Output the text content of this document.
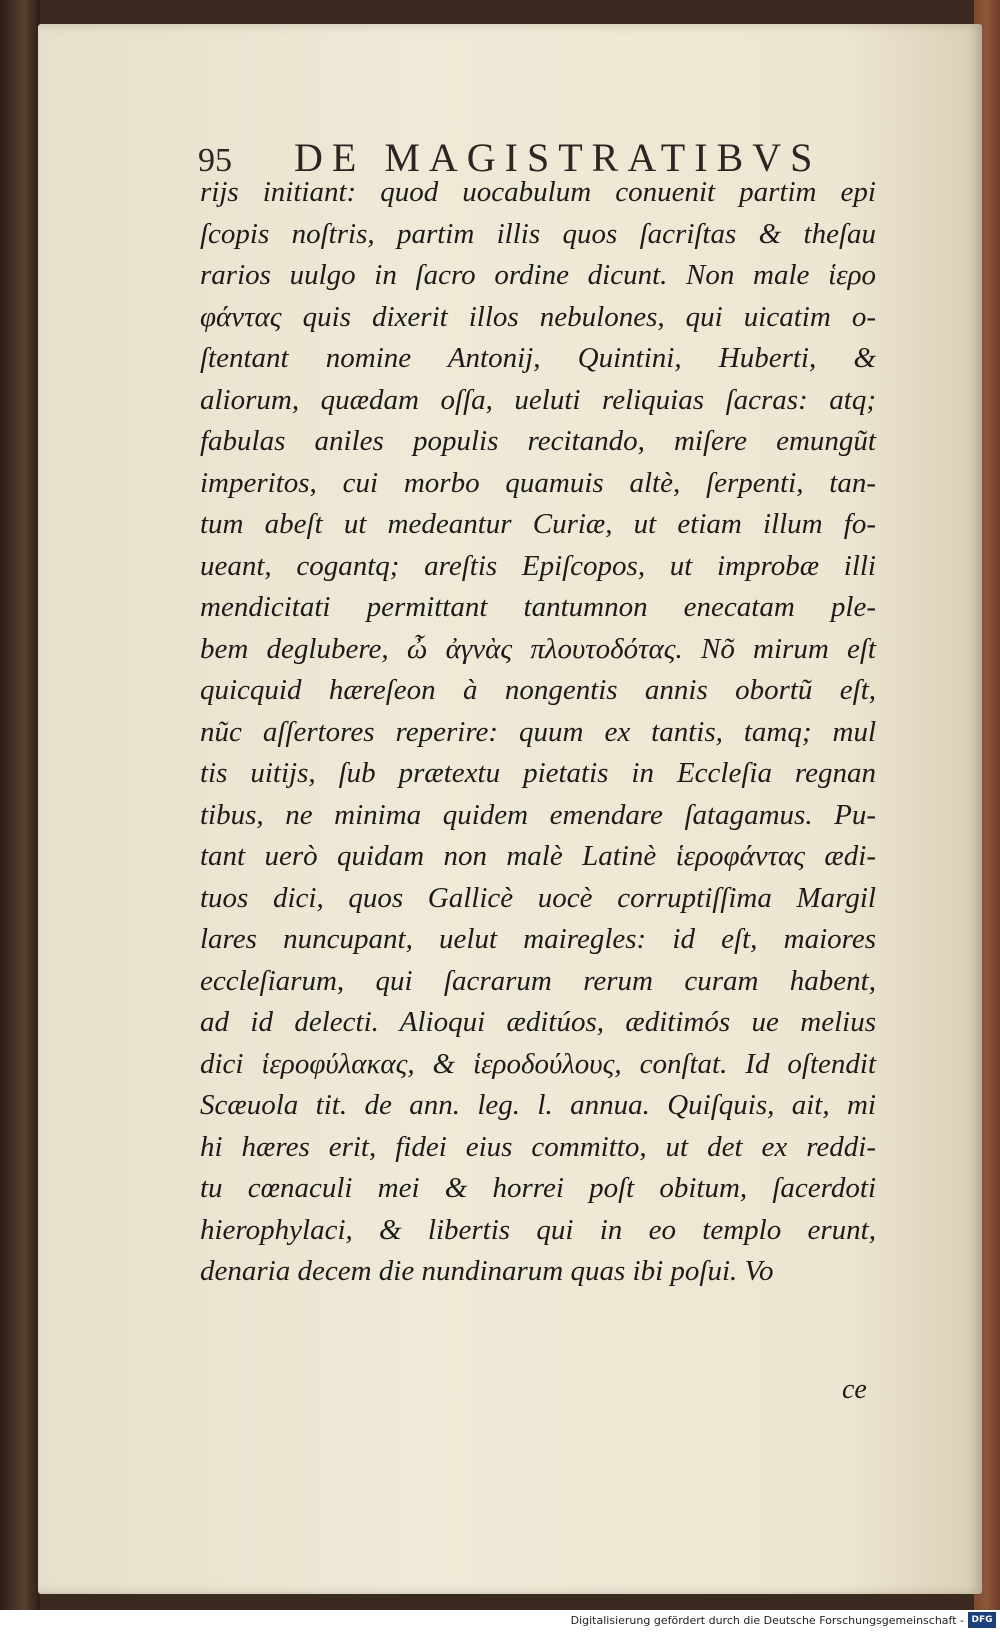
95 DE MAGISTRATIBVS
rijs initiant: quod uocabulum conuenit partim epi
ſcopis noſtris, partim illis quos ſacriſtas & theſau
rarios uulgo in ſacro ordine dicunt. Non male ἱερο
φάντας quis dixerit illos nebulones, qui uicatim o-
ſtentant nomine Antonij, Quintini, Huberti, &
aliorum, quædam oſſa, ueluti reliquias ſacras: atq;
fabulas aniles populis recitando, miſere emungũt
imperitos, cui morbo quamuis altè, ſerpenti, tan-
tum abeſt ut medeantur Curiæ, ut etiam illum fo-
ueant, cogantq; areſtis Epiſcopos, ut improbæ illi
mendicitati permittant tantumnon enecatam ple-
bem deglubere, ὦ ἀγνὰς πλουτοδότας. Nõ mirum eſt
quicquid hæreſeon à nongentis annis obortũ eſt,
nũc aſſertores reperire: quum ex tantis, tamq; mul
tis uitijs, ſub prætextu pietatis in Eccleſia regnan
tibus, ne minima quidem emendare ſatagamus. Pu-
tant uerò quidam non malè Latinè ἱεροφάντας ædi-
tuos dici, quos Gallicè uocè corruptiſſima Margil
lares nuncupant, uelut mairegles: id eſt, maiores
eccleſiarum, qui ſacrarum rerum curam habent,
ad id delecti. Alioqui æditúos, æditimós ue melius
dici ἱεροφύλακας, & ἱεροδούλους, conſtat. Id oſtendit
Scæuola tit. de ann. leg. l. annua. Quiſquis, ait, mi
hi hæres erit, fidei eius committo, ut det ex reddi-
tu cœnaculi mei & horrei poſt obitum, ſacerdoti
hierophylaci, & libertis qui in eo templo erunt,
denaria decem die nundinarum quas ibi poſui. Vo
ce
Digitalisierung gefördert durch die Deutsche Forschungsgemeinschaft - DFG
